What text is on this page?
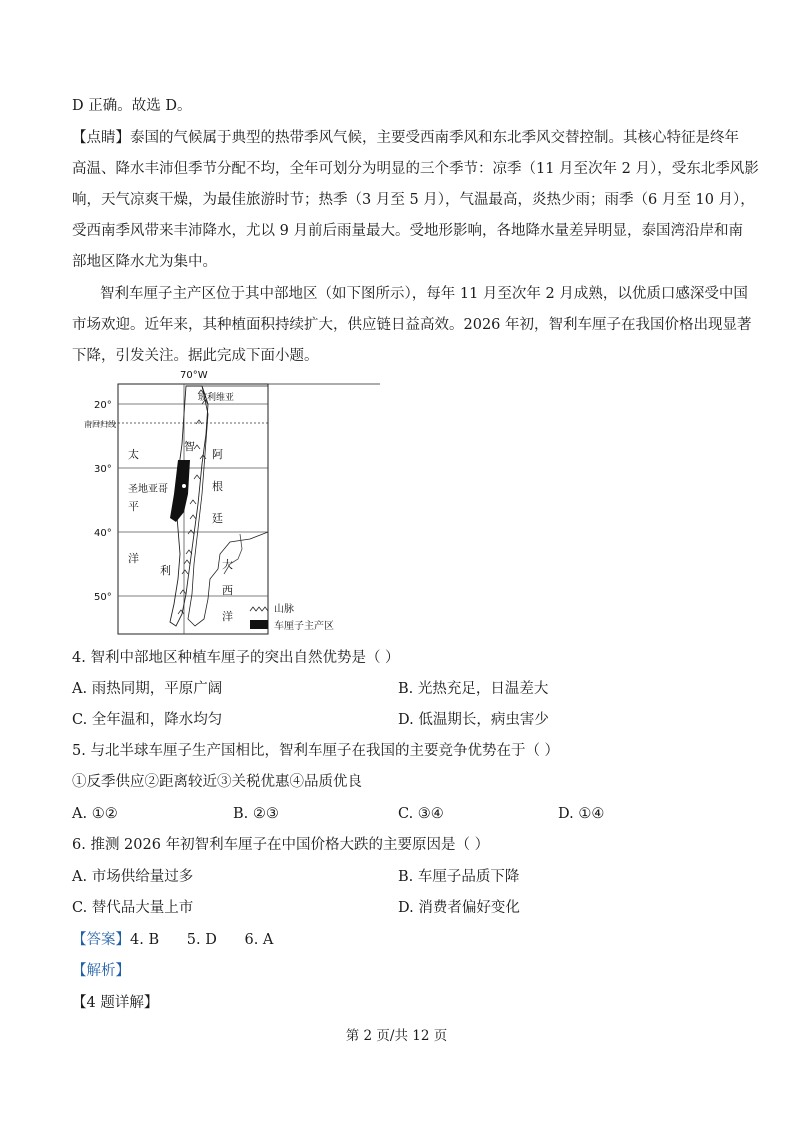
D 正确。故选 D。
【点睛】泰国的气候属于典型的热带季风气候，主要受西南季风和东北季风交替控制。其核心特征是终年
高温、降水丰沛但季节分配不均，全年可划分为明显的三个季节：凉季（11 月至次年 2 月），受东北季风影
响，天气凉爽干燥，为最佳旅游时节；热季（3 月至 5 月），气温最高，炎热少雨；雨季（6 月至 10 月），
受西南季风带来丰沛降水，尤以 9 月前后雨量最大。受地形影响，各地降水量差异明显，泰国湾沿岸和南
部地区降水尤为集中。
智利车厘子主产区位于其中部地区（如下图所示），每年 11 月至次年 2 月成熟，以优质口感深受中国
市场欢迎。近年来，其种植面积持续扩大，供应链日益高效。2026 年初，智利车厘子在我国价格出现显著
下降，引发关注。据此完成下面小题。
70°W
20°
30°
40°
50°
南回归线
玻利维亚
太
平
洋
智
利
圣地亚哥
阿
根
廷
大
西
洋
山脉
车厘子主产区
4. 智利中部地区种植车厘子的突出自然优势是（ ）
A. 雨热同期，平原广阔	B. 光热充足，日温差大
C. 全年温和，降水均匀	D. 低温期长，病虫害少
5. 与北半球车厘子生产国相比，智利车厘子在我国的主要竞争优势在于（ ）
①反季供应②距离较近③关税优惠④品质优良
A. ①②	B. ②③	C. ③④	D. ①④
6. 推测 2026 年初智利车厘子在中国价格大跌的主要原因是（ ）
A. 市场供给量过多	B. 车厘子品质下降
C. 替代品大量上市	D. 消费者偏好变化
【答案】4. B      5. D      6. A
【解析】
【4 题详解】
第 2 页/共 12 页
